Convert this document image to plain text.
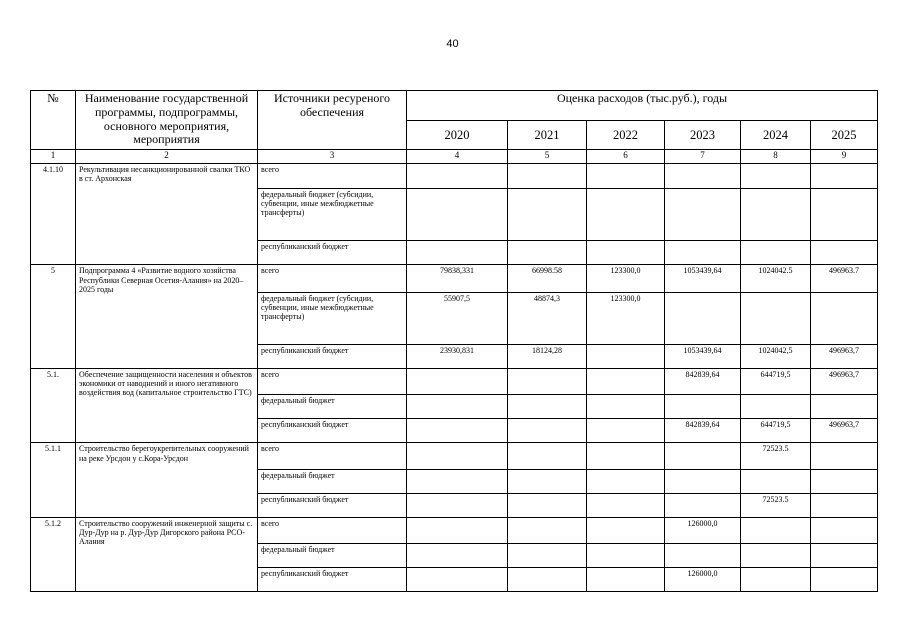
40
№	Наименование государственной программы, подпрограммы, основного мероприятия, мероприятия	Источники ресуреного обеспечения	Оценка расходов (тыс.руб.), годы					
			2020	2021	2022	2023	2024	2025
1	2	3	4	5	6	7	8	9
4.1.10	Рекультивация несанкционированной свалки ТКО в ст. Архонская	всего						
		федеральный бюджет (субсидии, субвенции, иные межбюджетные трансферты)						
		республиканский бюджет						
5	Подпрограмма 4 «Развитие водного хозяйства Республики Северная Осетия-Алания» на 2020– 2025 годы	всего	79838,331	66998.58	123300,0	1053439,64	1024042.5	496963.7
		федеральный бюджет (субсидии, субвенции, иные межбюджетные трансферты)	55907,5	48874,3	123300,0			
		республиканский бюджет	23930,831	18124,28		1053439,64	1024042,5	496963,7
5.1.	Обеспечение защищенности населения и объектов экономики от наводнений и иного негативного воздействия вод (капитальное строительство ГТС)	всего				842839,64	644719,5	496963,7
		федеральный бюджет						
		республиканский бюджет				842839,64	644719,5	496963,7
5.1.1	Строительство берегоукрепительных сооружений на реке Урсдон у с.Кора-Урсдон	всего					72523.5	
		федеральный бюджет						
		республиканский бюджет					72523.5	
5.1.2	Строительство сооружений инженерной защиты с. Дур-Дур на р. Дур-Дур Дигорского района РСО-Алания	всего				126000,0		
		федеральный бюджет						
		республиканский бюджет				126000,0		
